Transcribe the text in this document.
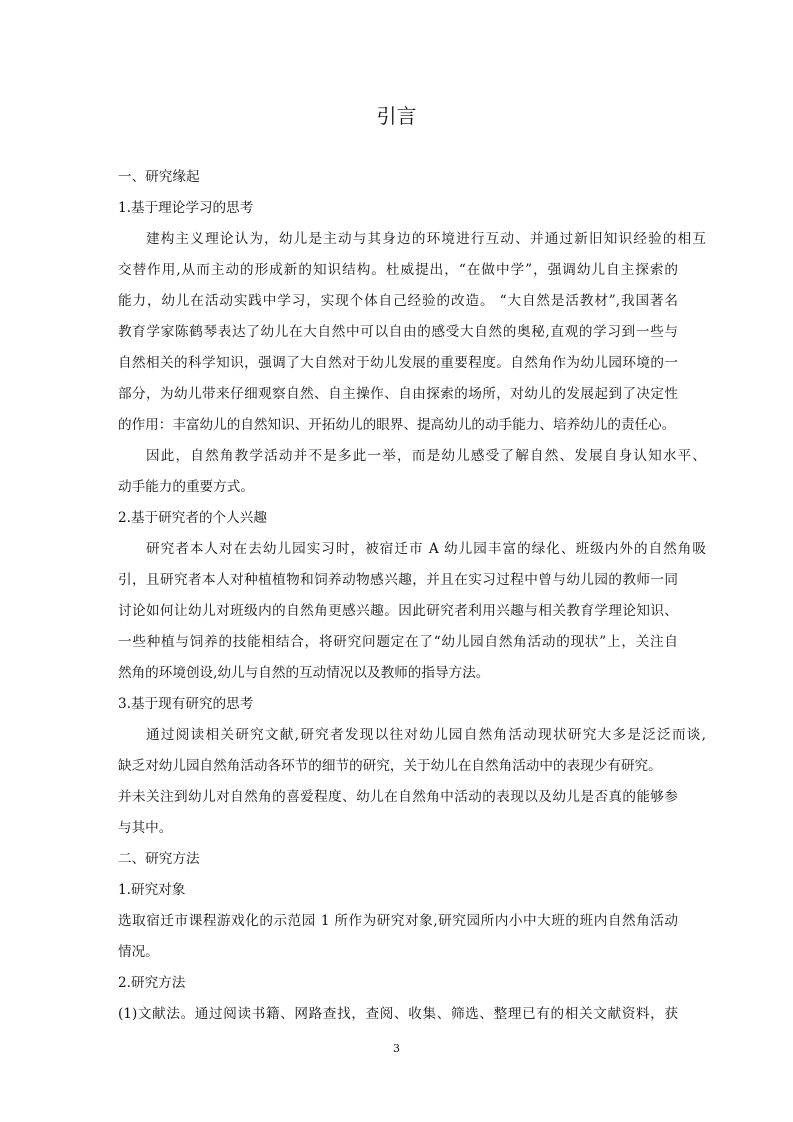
引言
一、研究缘起
1.基于理论学习的思考
建构主义理论认为，幼儿是主动与其身边的环境进行互动、并通过新旧知识经验的相互
交替作用,从而主动的形成新的知识结构。杜威提出，“在做中学”，强调幼儿自主探索的
能力，幼儿在活动实践中学习，实现个体自己经验的改造。 “大自然是活教材”,我国著名
教育学家陈鹤琴表达了幼儿在大自然中可以自由的感受大自然的奥秘,直观的学习到一些与
自然相关的科学知识，强调了大自然对于幼儿发展的重要程度。自然角作为幼儿园环境的一
部分，为幼儿带来仔细观察自然、自主操作、自由探索的场所，对幼儿的发展起到了决定性
的作用：丰富幼儿的自然知识、开拓幼儿的眼界、提高幼儿的动手能力、培养幼儿的责任心。
因此，自然角教学活动并不是多此一举，而是幼儿感受了解自然、发展自身认知水平、
动手能力的重要方式。
2.基于研究者的个人兴趣
研究者本人对在去幼儿园实习时，被宿迁市 A 幼儿园丰富的绿化、班级内外的自然角吸
引，且研究者本人对种植植物和饲养动物感兴趣，并且在实习过程中曾与幼儿园的教师一同
讨论如何让幼儿对班级内的自然角更感兴趣。因此研究者利用兴趣与相关教育学理论知识、
一些种植与饲养的技能相结合，将研究问题定在了“幼儿园自然角活动的现状”上，关注自
然角的环境创设,幼儿与自然的互动情况以及教师的指导方法。
3.基于现有研究的思考
通过阅读相关研究文献,研究者发现以往对幼儿园自然角活动现状研究大多是泛泛而谈,
缺乏对幼儿园自然角活动各环节的细节的研究，关于幼儿在自然角活动中的表现少有研究。
并未关注到幼儿对自然角的喜爱程度、幼儿在自然角中活动的表现以及幼儿是否真的能够参
与其中。
二、研究方法
1.研究对象
选取宿迁市课程游戏化的示范园 1 所作为研究对象,研究园所内小中大班的班内自然角活动
情况。
2.研究方法
(1)文献法。通过阅读书籍、网路查找，查阅、收集、筛选、整理已有的相关文献资料，获
3
